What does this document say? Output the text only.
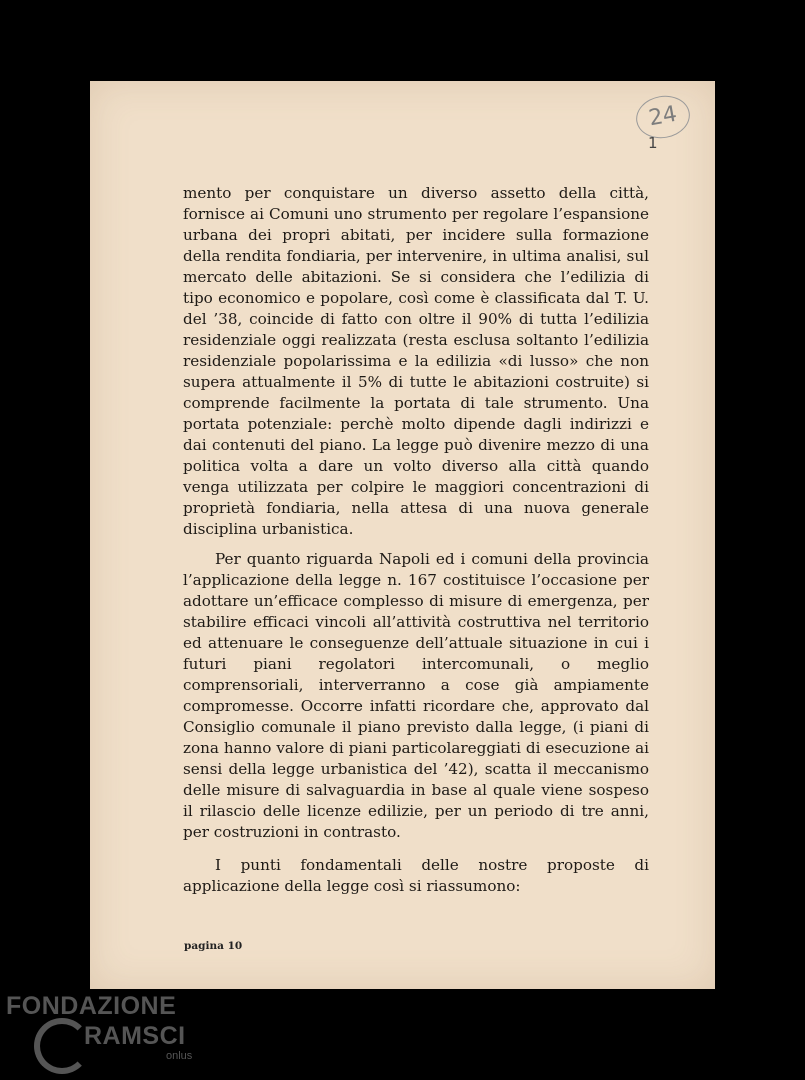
24
1

mento per conquistare un diverso assetto della città, fornisce ai Comuni uno strumento per regolare l’espansione urbana dei propri abitati, per incidere sulla formazione della rendita fondiaria, per intervenire, in ultima analisi, sul mercato delle abitazioni. Se si considera che l’edilizia di tipo economico e popolare, così come è classificata dal T. U. del ’38, coincide di fatto con oltre il 90% di tutta l’edilizia residenziale oggi realizzata (resta esclusa soltanto l’edilizia residenziale popolarissima e la edilizia «di lusso» che non supera attualmente il 5% di tutte le abitazioni costruite) si comprende facilmente la portata di tale strumento. Una portata potenziale: perchè molto dipende dagli indirizzi e dai contenuti del piano. La legge può divenire mezzo di una politica volta a dare un volto diverso alla città quando venga utilizzata per colpire le maggiori concentrazioni di proprietà fondiaria, nella attesa di una nuova generale disciplina urbanistica.

Per quanto riguarda Napoli ed i comuni della provincia l’applicazione della legge n. 167 costituisce l’occasione per adottare un’efficace complesso di misure di emergenza, per stabilire efficaci vincoli all’attività costruttiva nel territorio ed attenuare le conseguenze dell’attuale situazione in cui i futuri piani regolatori intercomunali, o meglio comprensoriali, interverranno a cose già ampiamente compromesse. Occorre infatti ricordare che, approvato dal Consiglio comunale il piano previsto dalla legge, (i piani di zona hanno valore di piani particolareggiati di esecuzione ai sensi della legge urbanistica del ’42), scatta il meccanismo delle misure di salvaguardia in base al quale viene sospeso il rilascio delle licenze edilizie, per un periodo di tre anni, per costruzioni in contrasto.

I punti fondamentali delle nostre proposte di applicazione della legge così si riassumono:

pagina 10
FONDAZIONE
RAMSCI
onlus
